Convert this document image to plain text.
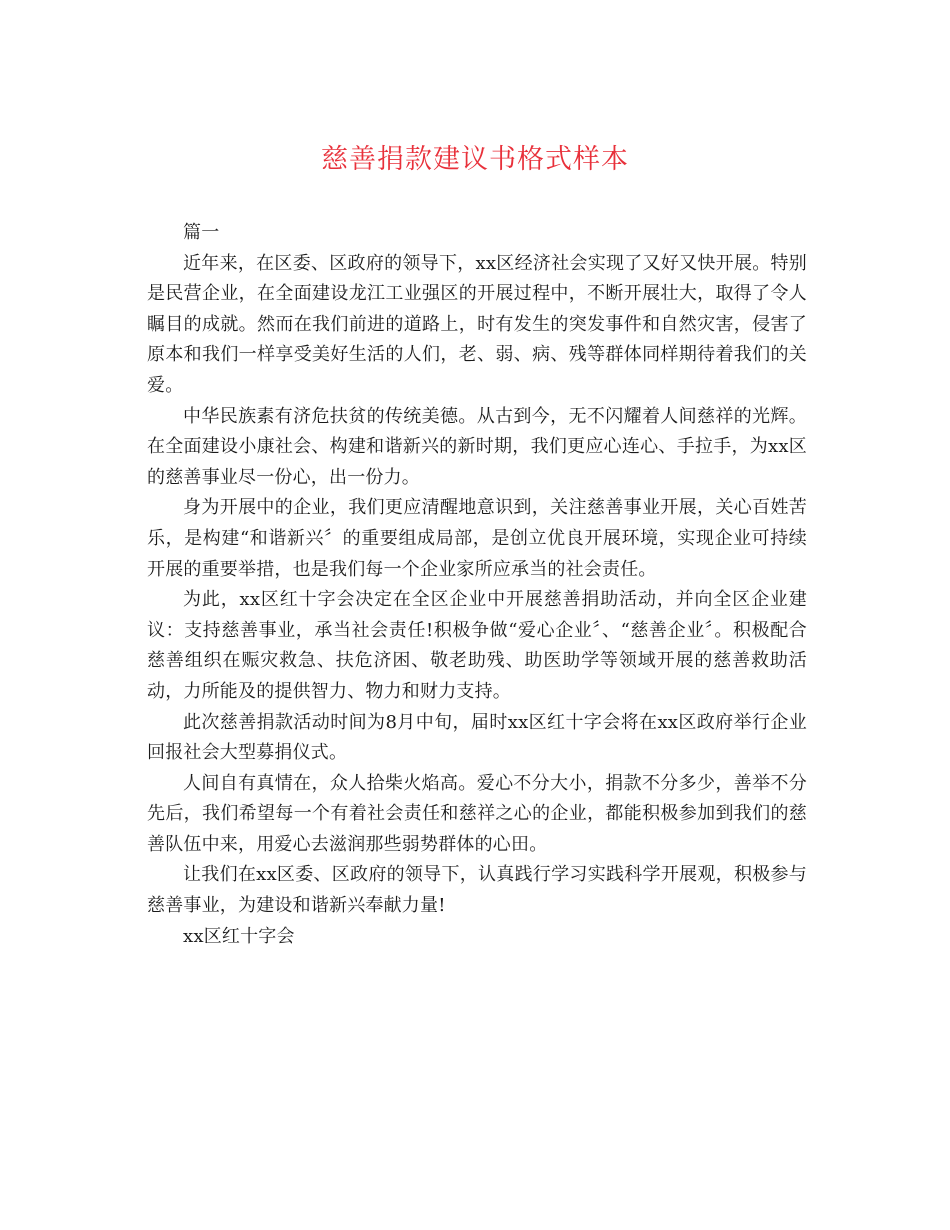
慈善捐款建议书格式样本

篇一

近年来，在区委、区政府的领导下，xx区经济社会实现了又好又快开展。特别是民营企业，在全面建设龙江工业强区的开展过程中，不断开展壮大，取得了令人瞩目的成就。然而在我们前进的道路上，时有发生的突发事件和自然灾害，侵害了原本和我们一样享受美好生活的人们，老、弱、病、残等群体同样期待着我们的关爱。

中华民族素有济危扶贫的传统美德。从古到今，无不闪耀着人间慈祥的光辉。在全面建设小康社会、构建和谐新兴的新时期，我们更应心连心、手拉手，为xx区的慈善事业尽一份心，出一份力。

身为开展中的企业，我们更应清醒地意识到，关注慈善事业开展，关心百姓苦乐，是构建“和谐新兴〞的重要组成局部，是创立优良开展环境，实现企业可持续开展的重要举措，也是我们每一个企业家所应承当的社会责任。

为此，xx区红十字会决定在全区企业中开展慈善捐助活动，并向全区企业建议：支持慈善事业，承当社会责任!积极争做“爱心企业〞、“慈善企业〞。积极配合慈善组织在赈灾救急、扶危济困、敬老助残、助医助学等领域开展的慈善救助活动，力所能及的提供智力、物力和财力支持。

此次慈善捐款活动时间为8月中旬，届时xx区红十字会将在xx区政府举行企业回报社会大型募捐仪式。

人间自有真情在，众人拾柴火焰高。爱心不分大小，捐款不分多少，善举不分先后，我们希望每一个有着社会责任和慈祥之心的企业，都能积极参加到我们的慈善队伍中来，用爱心去滋润那些弱势群体的心田。

让我们在xx区委、区政府的领导下，认真践行学习实践科学开展观，积极参与慈善事业，为建设和谐新兴奉献力量!

xx区红十字会
